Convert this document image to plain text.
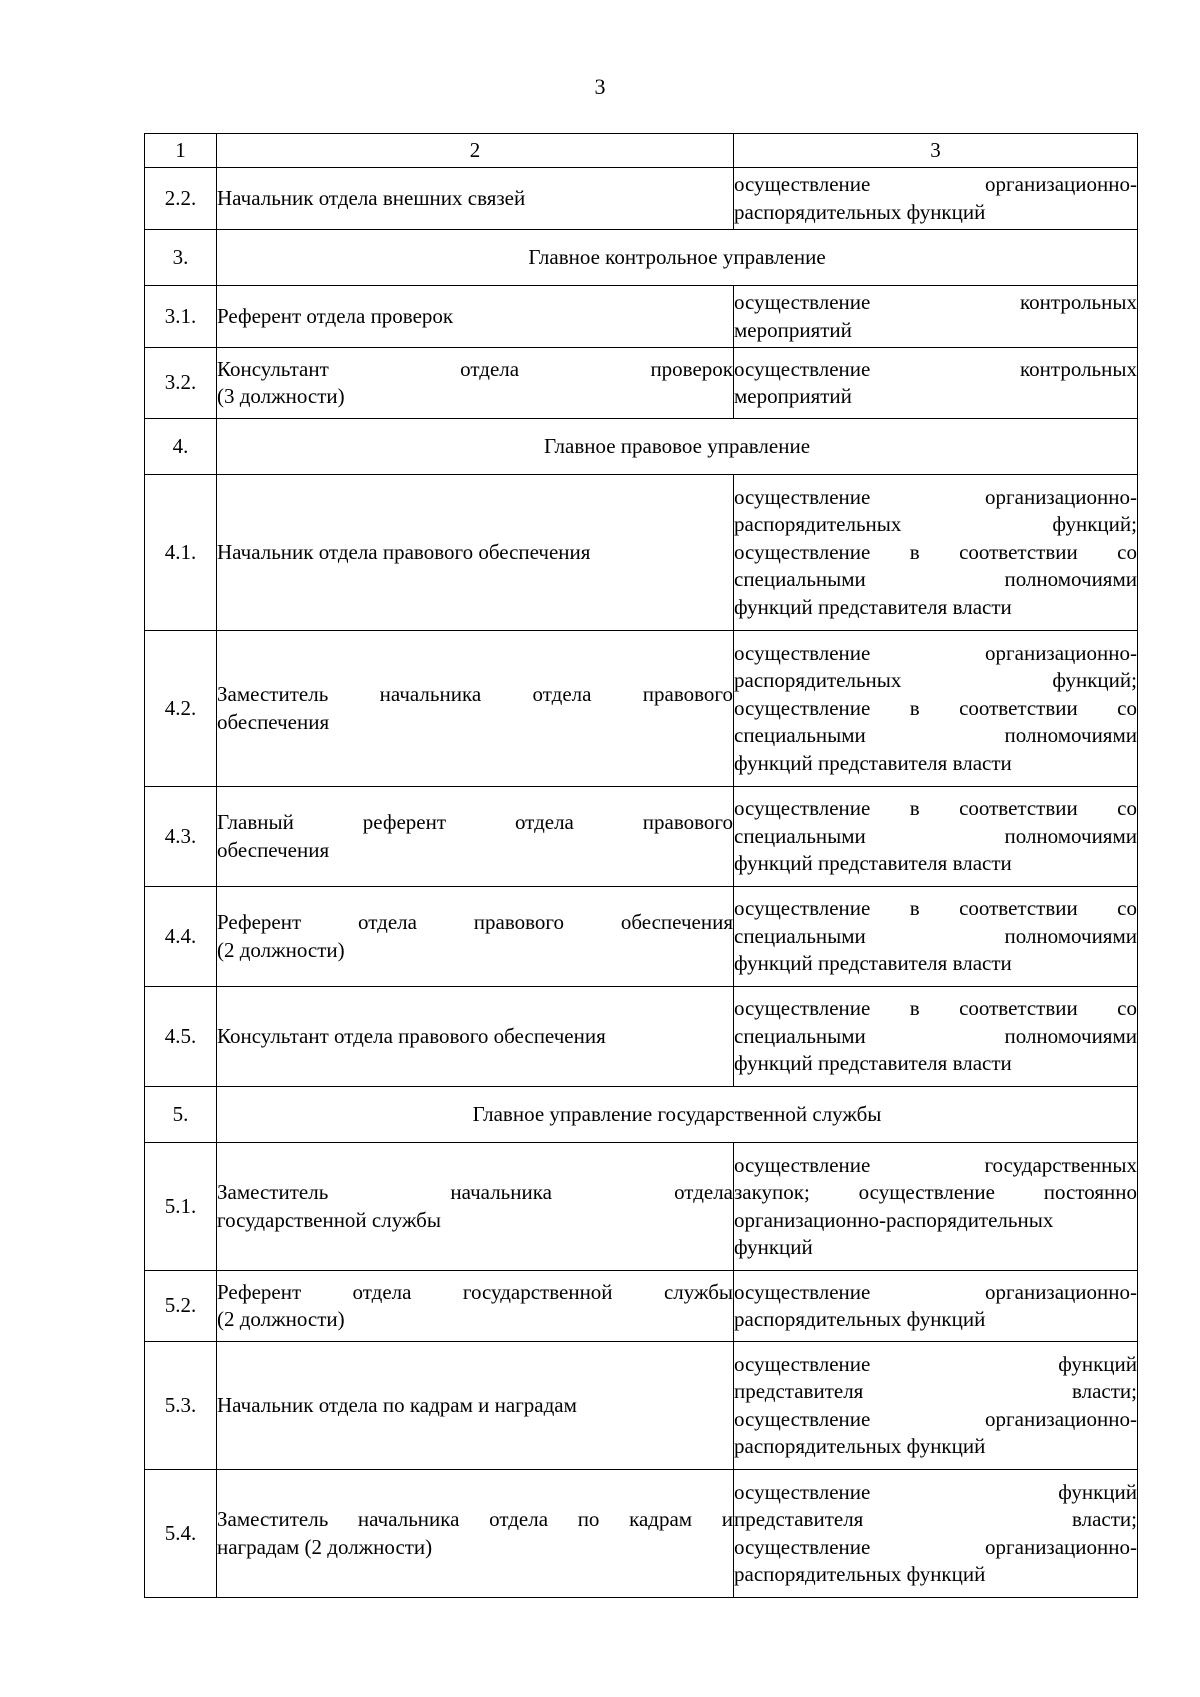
3
1	2	3
2.2.	Начальник отдела внешних связей	осуществление организационно-
распорядительных функций

3.	Главное контрольное управление	
3.1.	Референт отдела проверок	осуществление контрольных
мероприятий

3.2.	Консультант отдела проверок
(3 должности)	осуществление контрольных
мероприятий

4.	Главное правовое управление	
4.1.	Начальник отдела правового обеспечения	осуществление организационно-
распорядительных функций;
осуществление в соответствии со
специальными полномочиями
функций представителя власти

4.2.	Заместитель начальника отдела правового
обеспечения	осуществление организационно-
распорядительных функций;
осуществление в соответствии со
специальными полномочиями
функций представителя власти

4.3.	Главный референт отдела правового
обеспечения	осуществление в соответствии со
специальными полномочиями
функций представителя власти

4.4.	Референт отдела правового обеспечения
(2 должности)	осуществление в соответствии со
специальными полномочиями
функций представителя власти

4.5.	Консультант отдела правового обеспечения	осуществление в соответствии со
специальными полномочиями
функций представителя власти

5.	Главное управление государственной службы	
5.1.	Заместитель начальника отдела
государственной службы	осуществление государственных
закупок; осуществление постоянно
организационно-распорядительных
функций

5.2.	Референт отдела государственной службы
(2 должности)	осуществление организационно-
распорядительных функций

5.3.	Начальник отдела по кадрам и наградам	осуществление функций
представителя власти;
осуществление организационно-
распорядительных функций

5.4.	Заместитель начальника отдела по кадрам и
наградам (2 должности)	осуществление функций
представителя власти;
осуществление организационно-
распорядительных функций
